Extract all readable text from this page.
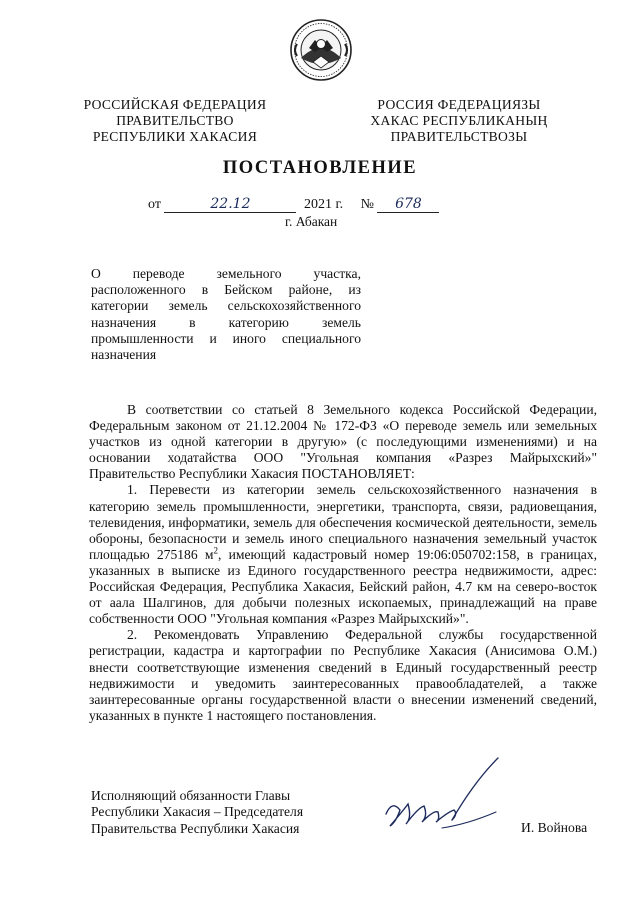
РОССИЙСКАЯ ФЕДЕРАЦИЯ
ПРАВИТЕЛЬСТВО
РЕСПУБЛИКИ ХАКАСИЯ
РОССИЯ ФЕДЕРАЦИЯЗЫ
ХАКАС РЕСПУБЛИКАНЫҢ
ПРАВИТЕЛЬСТВОЗЫ
ПОСТАНОВЛЕНИЕ
от	22.12	2021 г. № 678
г. Абакан
О переводе земельного участка,
расположенного в Бейском районе, из
категории земель сельскохозяйственного
назначения в категорию земель
промышленности и иного специального
назначения

В соответствии со статьей 8 Земельного кодекса Российской Федерации, Федеральным законом от 21.12.2004 № 172-ФЗ «О переводе земель или земельных участков из одной категории в другую» (с последующими изменениями) и на основании ходатайства ООО "Угольная компания «Разрез Майрыхский»" Правительство Республики Хакасия ПОСТАНОВЛЯЕТ:

1. Перевести из категории земель сельскохозяйственного назначения в категорию земель промышленности, энергетики, транспорта, связи, радиовещания, телевидения, информатики, земель для обеспечения космической деятельности, земель обороны, безопасности и земель иного специального назначения земельный участок площадью 275186 $м^2$, имеющий кадастровый номер 19:06:050702:158, в границах, указанных в выписке из Единого государственного реестра недвижимости, адрес: Российская Федерация, Республика Хакасия, Бейский район, 4.7 км на северо-восток от аала Шалгинов, для добычи полезных ископаемых, принадлежащий на праве собственности ООО "Угольная компания «Разрез Майрыхский»".

2. Рекомендовать Управлению Федеральной службы государственной регистрации, кадастра и картографии по Республике Хакасия (Анисимова О.М.) внести соответствующие изменения сведений в Единый государственный реестр недвижимости и уведомить заинтересованных правообладателей, а также заинтересованные органы государственной власти о внесении изменений сведений, указанных в пункте 1 настоящего постановления.

Исполняющий обязанности Главы
Республики Хакасия – Председателя
Правительства Республики Хакасия	И. Войнова
